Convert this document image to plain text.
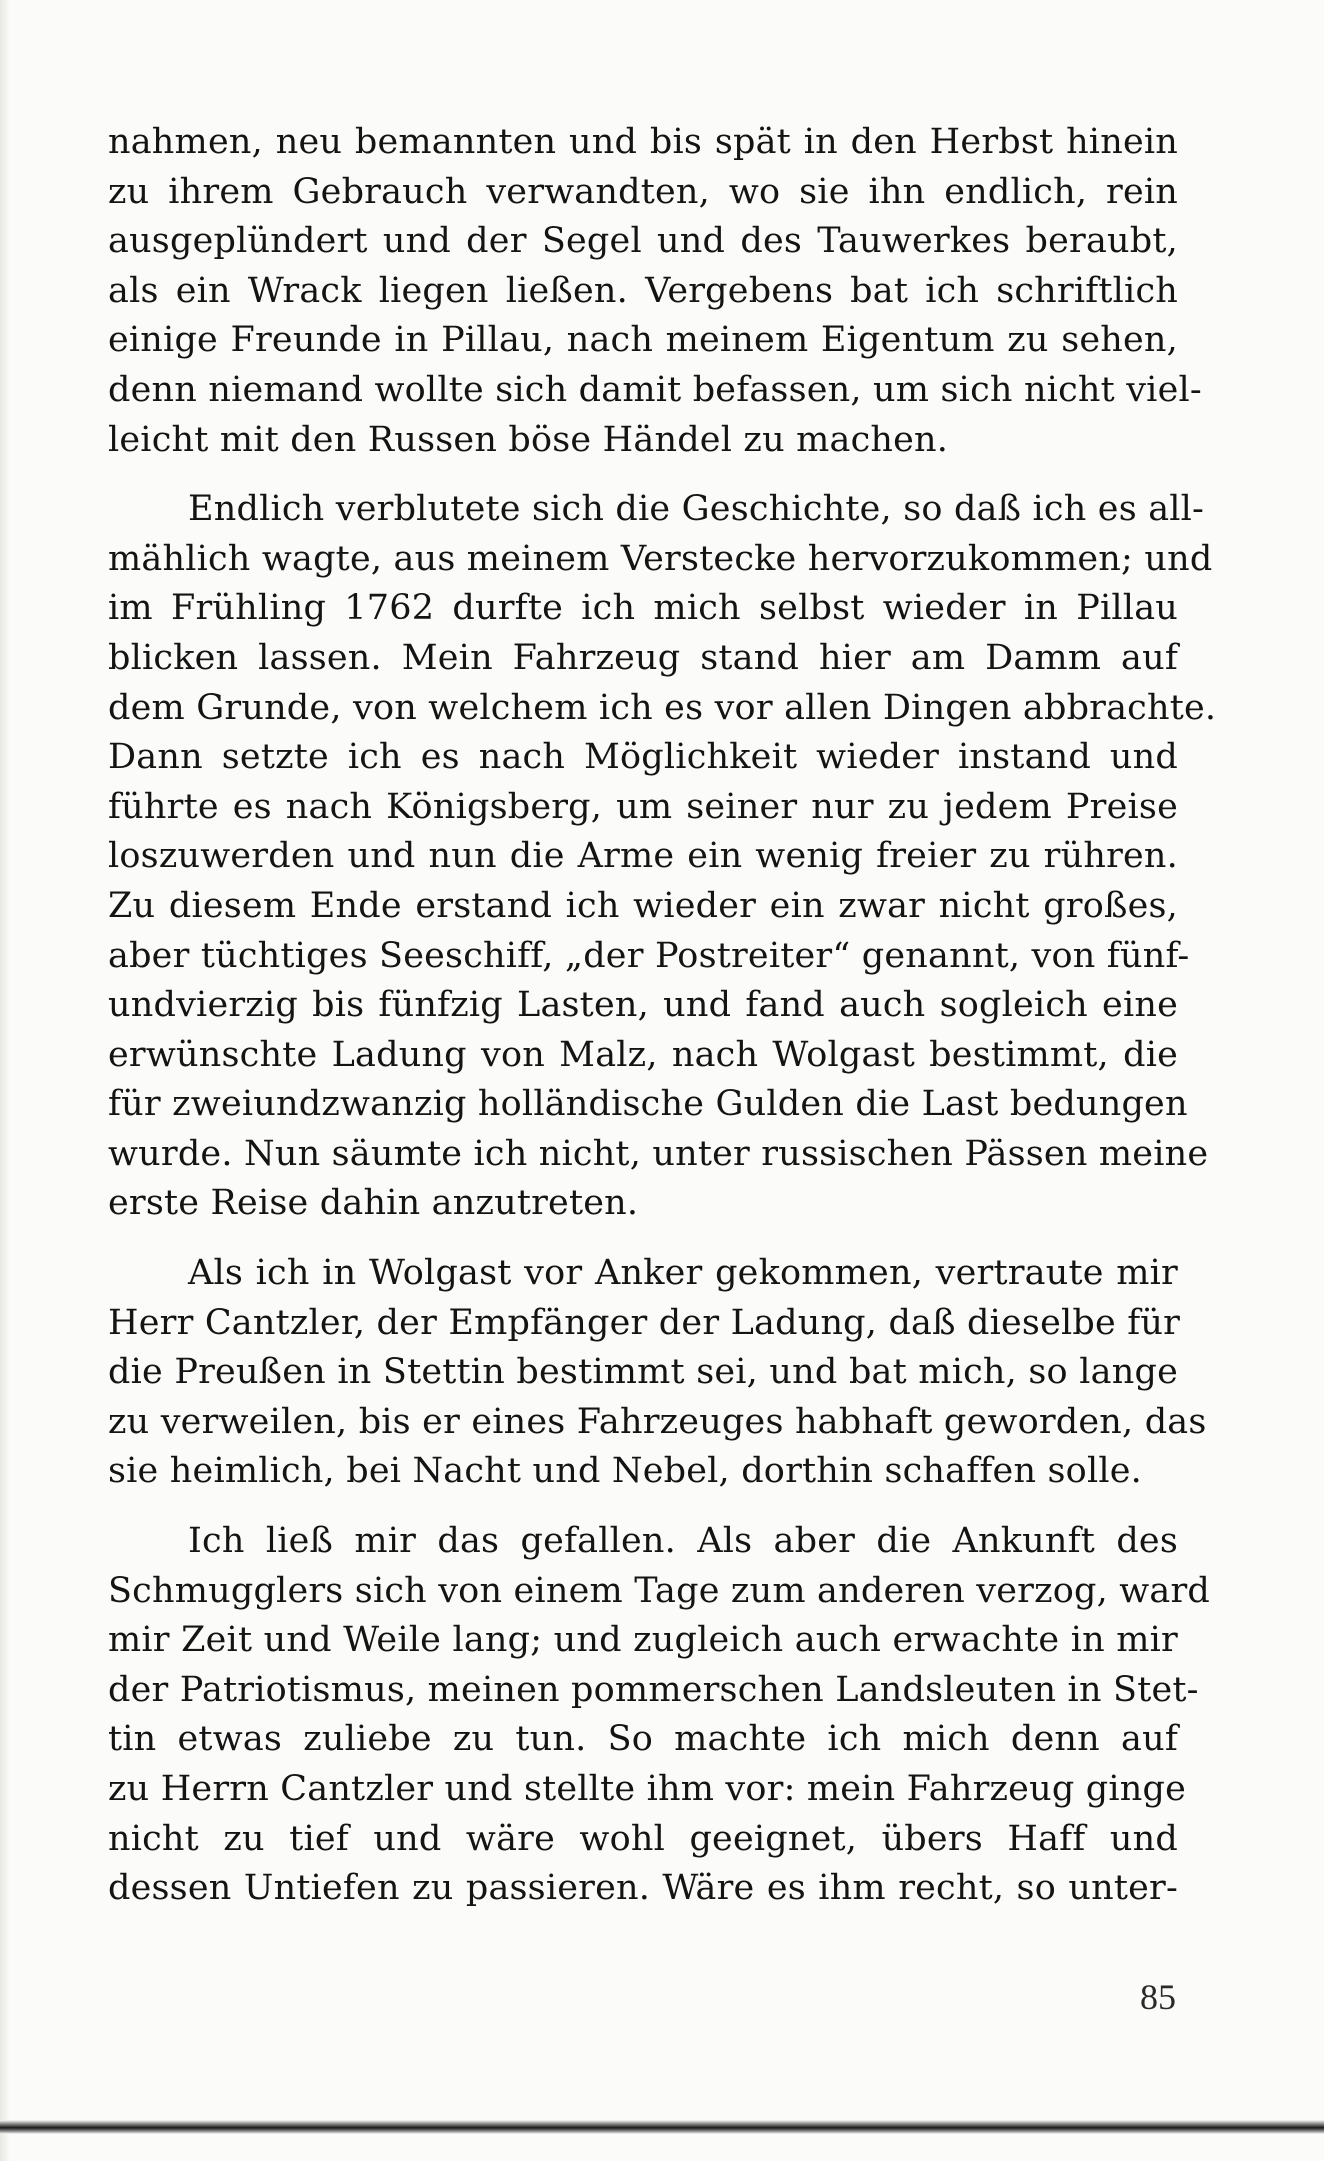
nahmen, neu bemannten und bis spät in den Herbst hinein
zu ihrem Gebrauch verwandten, wo sie ihn endlich, rein
ausgeplündert und der Segel und des Tauwerkes beraubt,
als ein Wrack liegen ließen. Vergebens bat ich schriftlich
einige Freunde in Pillau, nach meinem Eigentum zu sehen,
denn niemand wollte sich damit befassen, um sich nicht viel-
leicht mit den Russen böse Händel zu machen.
Endlich verblutete sich die Geschichte, so daß ich es all-
mählich wagte, aus meinem Verstecke hervorzukommen; und
im Frühling 1762 durfte ich mich selbst wieder in Pillau
blicken lassen. Mein Fahrzeug stand hier am Damm auf
dem Grunde, von welchem ich es vor allen Dingen abbrachte.
Dann setzte ich es nach Möglichkeit wieder instand und
führte es nach Königsberg, um seiner nur zu jedem Preise
loszuwerden und nun die Arme ein wenig freier zu rühren.
Zu diesem Ende erstand ich wieder ein zwar nicht großes,
aber tüchtiges Seeschiff, „der Postreiter“ genannt, von fünf-
undvierzig bis fünfzig Lasten, und fand auch sogleich eine
erwünschte Ladung von Malz, nach Wolgast bestimmt, die
für zweiundzwanzig holländische Gulden die Last bedungen
wurde. Nun säumte ich nicht, unter russischen Pässen meine
erste Reise dahin anzutreten.
Als ich in Wolgast vor Anker gekommen, vertraute mir
Herr Cantzler, der Empfänger der Ladung, daß dieselbe für
die Preußen in Stettin bestimmt sei, und bat mich, so lange
zu verweilen, bis er eines Fahrzeuges habhaft geworden, das
sie heimlich, bei Nacht und Nebel, dorthin schaffen solle.
Ich ließ mir das gefallen. Als aber die Ankunft des
Schmugglers sich von einem Tage zum anderen verzog, ward
mir Zeit und Weile lang; und zugleich auch erwachte in mir
der Patriotismus, meinen pommerschen Landsleuten in Stet-
tin etwas zuliebe zu tun. So machte ich mich denn auf
zu Herrn Cantzler und stellte ihm vor: mein Fahrzeug ginge
nicht zu tief und wäre wohl geeignet, übers Haff und
dessen Untiefen zu passieren. Wäre es ihm recht, so unter-
85
